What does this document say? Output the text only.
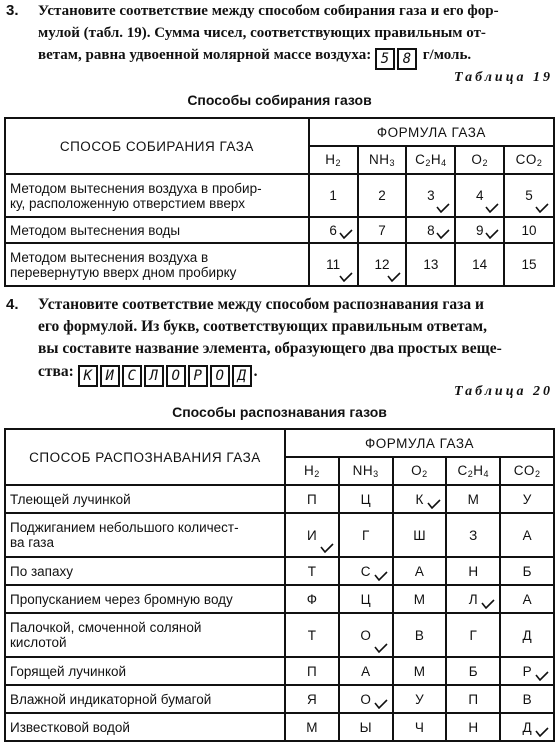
3. Установите соответствие между способом собирания газа и его фор-
мулой (табл. 19). Сумма чисел, соответствующих правильным от-
ветам, равна удвоенной молярной массе воздуха: 5 8 г/моль.
Таблица 19
Способы собирания газов
СПОСОБ СОБИРАНИЯ ГАЗА	ФОРМУЛА ГАЗА				
	$H_2$	$NH_3$	$C_2H_4$	$O_2$	$CO_2$

Методом вытеснения воздуха в пробир-
ку, расположенную отверстием вверх	1	2	3	4	5

Методом вытеснения воды	6	7	8	9	10

Методом вытеснения воздуха в
перевернутую вверх дном пробирку	11	12	13	14	15
4. Установите соответствие между способом распознавания газа и
его формулой. Из букв, соответствующих правильным ответам,
вы составите название элемента, образующего два простых веще-
ства: К И С Л О Р О Д .
Таблица 20
Способы распознавания газов
СПОСОБ РАСПОЗНАВАНИЯ ГАЗА	ФОРМУЛА ГАЗА				
	$H_2$	$NH_3$	$O_2$	$C_2H_4$	$CO_2$

Тлеющей лучинкой	П	Ц	К	М	У

Поджиганием небольшого количест-
ва газа	И	Г	Ш	З	А

По запаху	Т	С	А	Н	Б

Пропусканием через бромную воду	Ф	Ц	М	Л	А

Палочкой, смоченной соляной
кислотой	Т	О	В	Г	Д

Горящей лучинкой	П	А	М	Б	Р

Влажной индикаторной бумагой	Я	О	У	П	В

Известковой водой	М	Ы	Ч	Н	Д
